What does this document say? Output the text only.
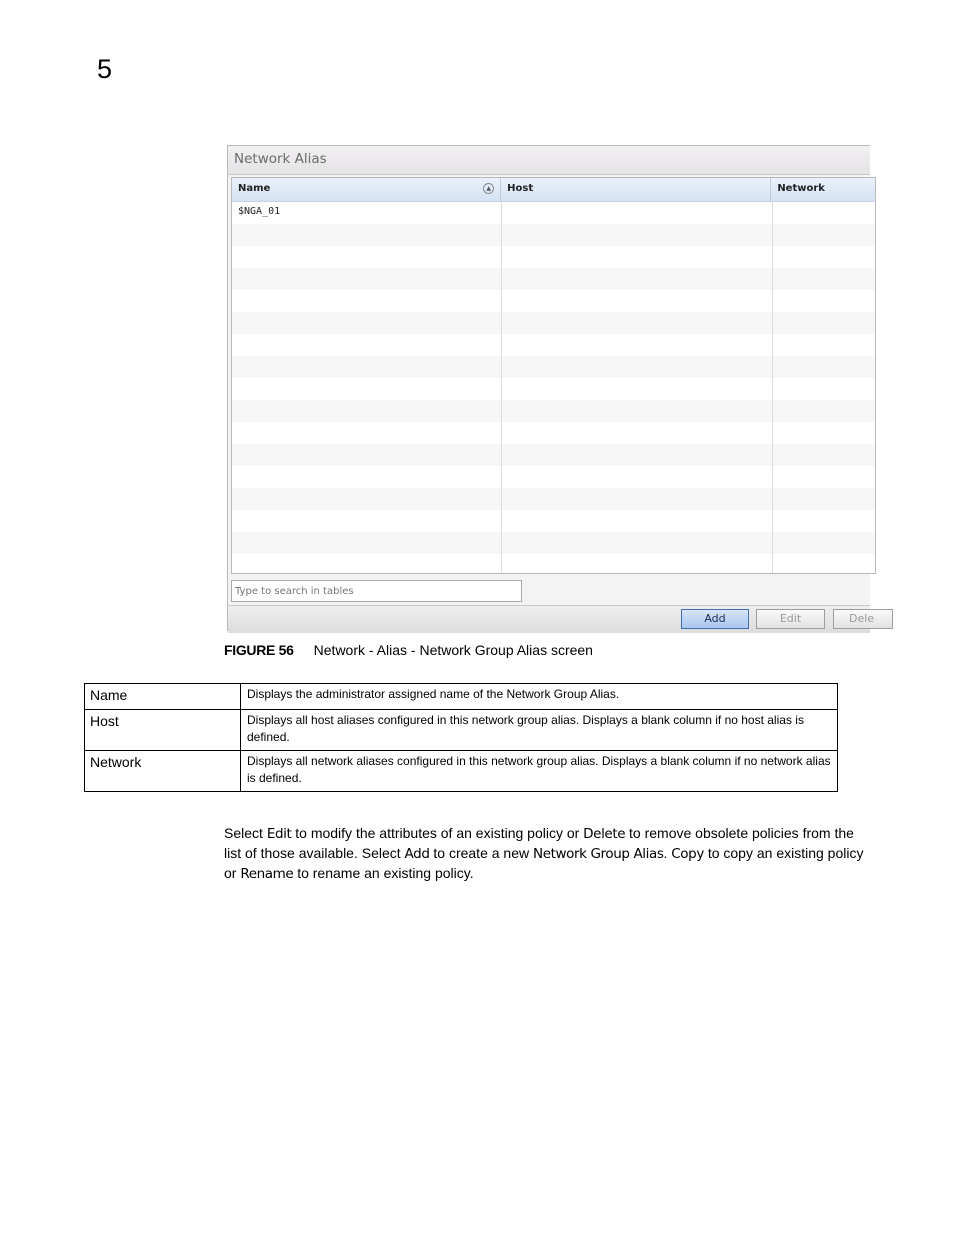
5
Network Alias
Name	▲	Host	Network
$NGA_01
Type to search in tables
Add	Edit	Dele
FIGURE 56 Network - Alias - Network Group Alias screen
Name	Displays the administrator assigned name of the Network Group Alias.
Host	Displays all host aliases configured in this network group alias. Displays a blank column if no host alias is defined.
Network	Displays all network aliases configured in this network group alias. Displays a blank column if no network alias is defined.

Select Edit to modify the attributes of an existing policy or Delete to remove obsolete policies from the list of those available. Select Add to create a new Network Group Alias. Copy to copy an existing policy or Rename to rename an existing policy.
